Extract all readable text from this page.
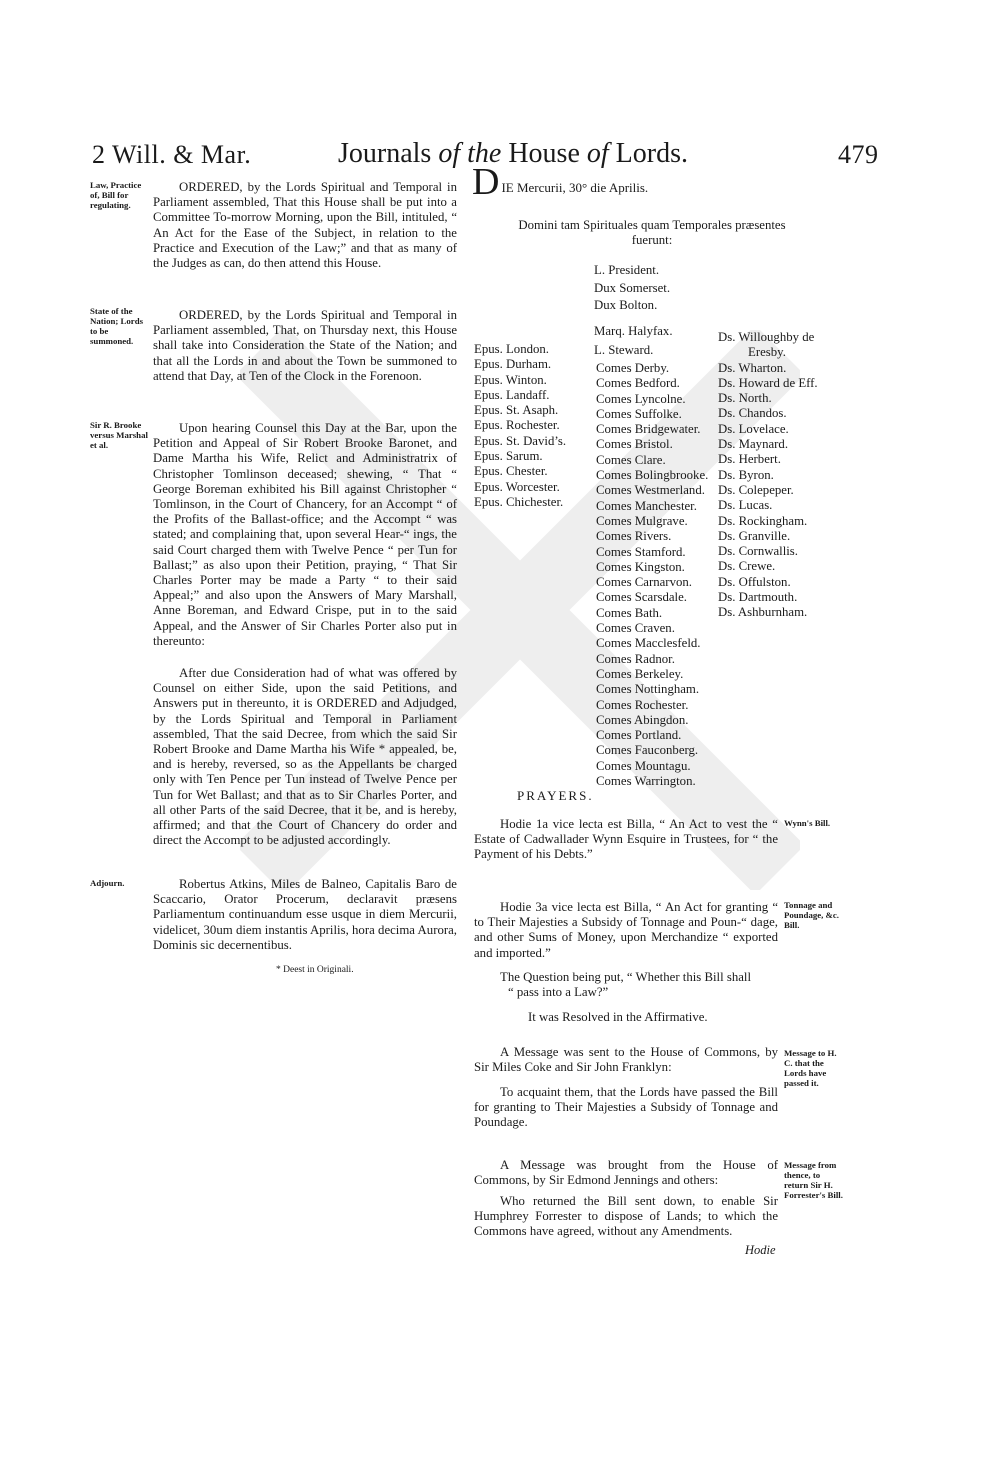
2 Will. & Mar.	Journals of the House of Lords.	479
Law, Practice of, Bill for regulating.
ORDERED, by the Lords Spiritual and Temporal in Parliament assembled, That this House shall be put into a Committee To-morrow Morning, upon the Bill, intituled, “ An Act for the Ease of the Subject, in relation to the Practice and Execution of the Law;” and that as many of the Judges as can, do then attend this House.
State of the Nation; Lords to be summoned.
ORDERED, by the Lords Spiritual and Temporal in Parliament assembled, That, on Thursday next, this House shall take into Consideration the State of the Nation; and that all the Lords in and about the Town be summoned to attend that Day, at Ten of the Clock in the Forenoon.
Sir R. Brooke versus Marshal et al.
Upon hearing Counsel this Day at the Bar, upon the Petition and Appeal of Sir Robert Brooke Baronet, and Dame Martha his Wife, Relict and Administratrix of Christopher Tomlinson deceased; shewing, “ That “ George Boreman exhibited his Bill against Christopher “ Tomlinson, in the Court of Chancery, for an Accompt “ of the Profits of the Ballast-office; and the Accompt “ was stated; and complaining that, upon several Hear-“ ings, the said Court charged them with Twelve Pence “ per Tun for Ballast;” as also upon their Petition, praying, “ That Sir Charles Porter may be made a Party “ to their said Appeal;” and also upon the Answers of Mary Marshall, Anne Boreman, and Edward Crispe, put in to the said Appeal, and the Answer of Sir Charles Porter also put in thereunto:
After due Consideration had of what was offered by Counsel on either Side, upon the said Petitions, and Answers put in thereunto, it is ORDERED and Adjudged, by the Lords Spiritual and Temporal in Parliament assembled, That the said Decree, from which the said Sir Robert Brooke and Dame Martha his Wife * appealed, be, and is hereby, reversed, so as the Appellants be charged only with Ten Pence per Tun instead of Twelve Pence per Tun for Wet Ballast; and that as to Sir Charles Porter, and all other Parts of the said Decree, that it be, and is hereby, affirmed; and that the Court of Chancery do order and direct the Accompt to be adjusted accordingly.
Adjourn.	Robertus Atkins, Miles de Balneo, Capitalis Baro de Scaccario, Orator Procerum, declaravit præsens Parliamentum continuandum esse usque in diem Mercurii, videlicet, 30um diem instantis Aprilis, hora decima Aurora, Dominis sic decernentibus.
* Deest in Originali.
D IE Mercurii, 30° die Aprilis.
Domini tam Spirituales quam Temporales præsentes
fuerunt:
L. President.
Dux Somerset.
Dux Bolton.
Marq. Halyfax.
L. Steward.
Epus. London.
Epus. Durham.
Epus. Winton.
Epus. Landaff.
Epus. St. Asaph.
Epus. Rochester.
Epus. St. David’s.
Epus. Sarum.
Epus. Chester.
Epus. Worcester.
Epus. Chichester.
Comes Derby.
Comes Bedford.
Comes Lyncolne.
Comes Suffolke.
Comes Bridgewater.
Comes Bristol.
Comes Clare.
Comes Bolingbrooke.
Comes Westmerland.
Comes Manchester.
Comes Mulgrave.
Comes Rivers.
Comes Stamford.
Comes Kingston.
Comes Carnarvon.
Comes Scarsdale.
Comes Bath.
Comes Craven.
Comes Macclesfeld.
Comes Radnor.
Comes Berkeley.
Comes Nottingham.
Comes Rochester.
Comes Abingdon.
Comes Portland.
Comes Fauconberg.
Comes Mountagu.
Comes Warrington.
Ds. Willoughby de
Eresby.
Ds. Wharton.
Ds. Howard de Eff.
Ds. North.
Ds. Chandos.
Ds. Lovelace.
Ds. Maynard.
Ds. Herbert.
Ds. Byron.
Ds. Colepeper.
Ds. Lucas.
Ds. Rockingham.
Ds. Granville.
Ds. Cornwallis.
Ds. Crewe.
Ds. Offulston.
Ds. Dartmouth.
Ds. Ashburnham.
PRAYERS.
Hodie 1a vice lecta est Billa, “ An Act to vest the “ Estate of Cadwallader Wynn Esquire in Trustees, for “ the Payment of his Debts.”
Wynn's Bill.
Hodie 3a vice lecta est Billa, “ An Act for granting “ to Their Majesties a Subsidy of Tonnage and Poun-“ dage, and other Sums of Money, upon Merchandize “ exported and imported.”
Tonnage and Poundage, &c. Bill.
The Question being put, “ Whether this Bill shall
“ pass into a Law?”
It was Resolved in the Affirmative.
A Message was sent to the House of Commons, by Sir Miles Coke and Sir John Franklyn:
Message to H. C. that the Lords have passed it.
To acquaint them, that the Lords have passed the Bill for granting to Their Majesties a Subsidy of Tonnage and Poundage.
A Message was brought from the House of Commons, by Sir Edmond Jennings and others:
Message from thence, to return Sir H. Forrester's Bill.
Who returned the Bill sent down, to enable Sir Humphrey Forrester to dispose of Lands; to which the Commons have agreed, without any Amendments.
Hodie
